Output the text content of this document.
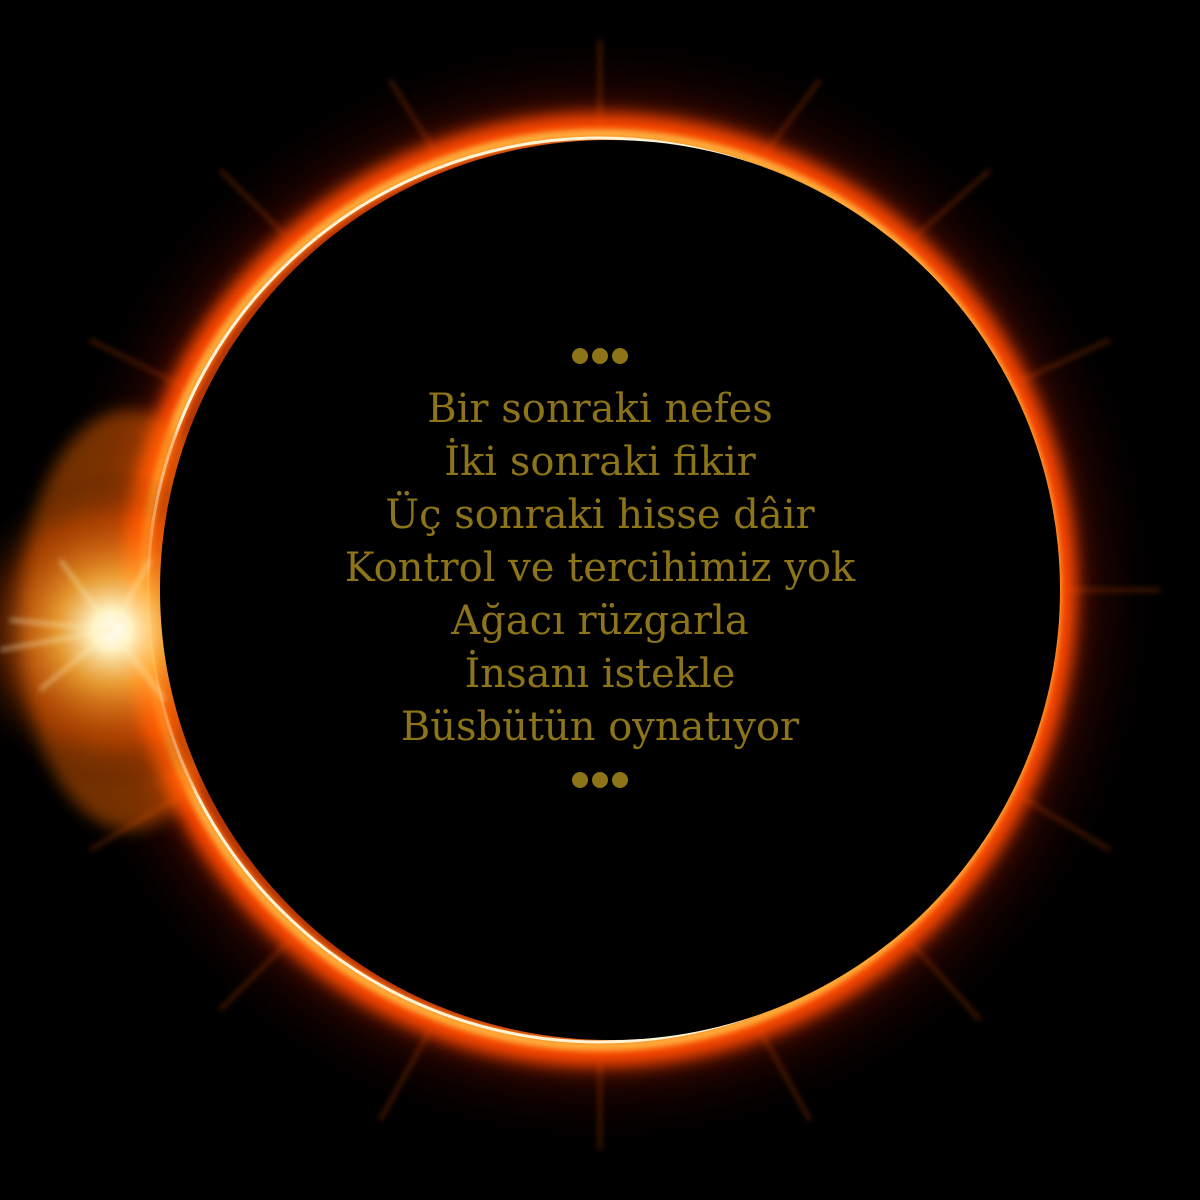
Bir sonraki nefes
İki sonraki fikir
Üç sonraki hisse dâir
Kontrol ve tercihimiz yok
Ağacı rüzgarla
İnsanı istekle
Büsbütün oynatıyor
